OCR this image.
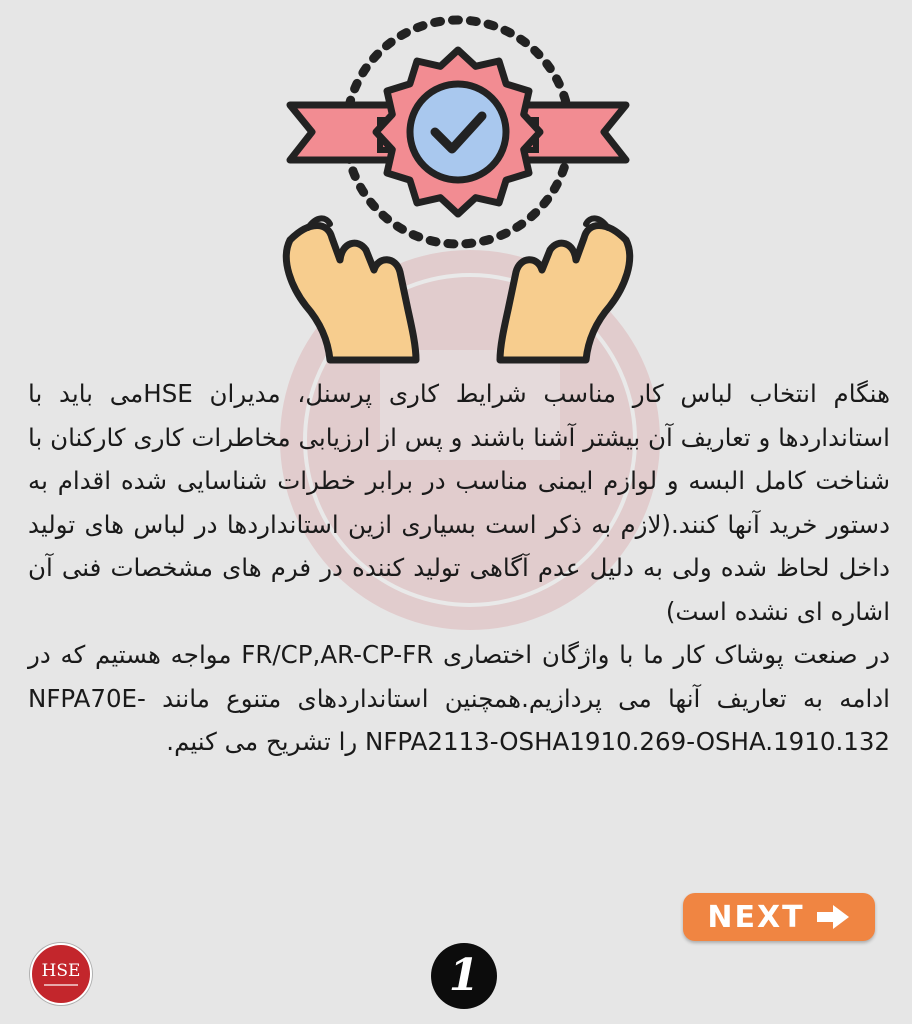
هنگام انتخاب لباس کار مناسب شرایط کاری پرسنل، مدیران HSEمی باید با استانداردها و تعاریف آن بیشتر آشنا باشند و پس از ارزیابی مخاطرات کاری کارکنان با شناخت کامل البسه و لوازم ایمنی مناسب در برابر خطرات شناسایی شده اقدام به دستور خرید آنها کنند.(لازم به ذکر است بسیاری ازین استانداردها در لباس های تولید داخل لحاظ شده ولی به دلیل عدم آگاهی تولید کننده در فرم های مشخصات فنی آن اشاره ای نشده است)

در صنعت پوشاک کار ما با واژگان اختصاری FR/CP,AR-CP-FR مواجه هستیم که در ادامه به تعاریف آنها می پردازیم.همچنین استانداردهای متنوع مانند NFPA70E-NFPA2113-OSHA1910.269-OSHA.1910.132 را تشریح می کنیم.

NEXT
HSE	1
